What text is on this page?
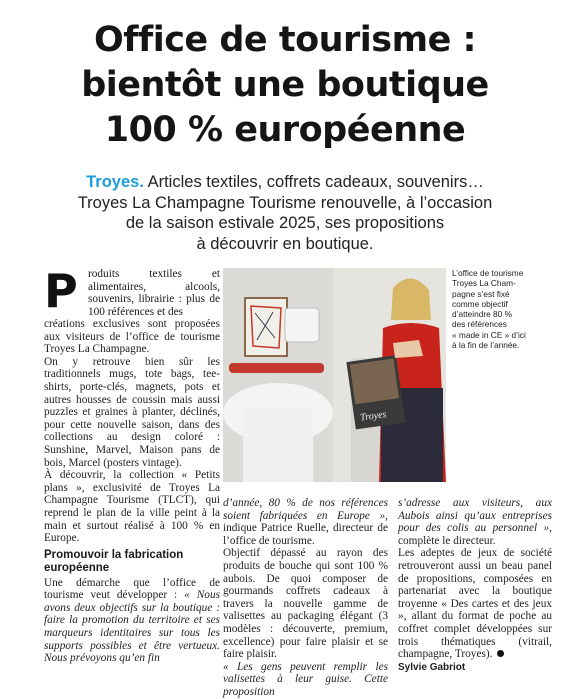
Office de tourisme :
bientôt une boutique
100 % européenne
Troyes. Articles textiles, coffrets cadeaux, souvenirs…
Troyes La Champagne Tourisme renouvelle, à l’occasion
de la saison estivale 2025, ses propositions
à découvrir en boutique.
P roduits textiles et alimentaires, alcools, souvenirs, librairie : plus de 100 références et des

créations exclusives sont proposées aux visiteurs de l’office de tourisme Troyes La Champagne.

On y retrouve bien sûr les traditionnels mugs, tote bags, tee-shirts, porte-clés, magnets, pots et autres housses de coussin mais aussi puzzles et graines à planter, déclinés, pour cette nouvelle saison, dans des collections au design coloré : Sunshine, Marvel, Maison pans de bois, Marcel (posters vintage).

À découvrir, la collection « Petits plans », exclusivité de Troyes La Champagne Tourisme (TLCT), qui reprend le plan de la ville peint à la main et surtout réalisé à 100 % en Europe.

Promouvoir la fabrication européenne

Une démarche que l’office de tourisme veut développer : « Nous avons deux objectifs sur la boutique : faire la promotion du territoire et ses marqueurs identitaires sur tous les supports possibles et être vertueux. Nous prévoyons qu’en fin

d’année, 80 % de nos références soient fabriquées en Europe », indique Patrice Ruelle, directeur de l’office de tourisme.

Objectif dépassé au rayon des produits de bouche qui sont 100 % aubois. De quoi composer de gourmands coffrets cadeaux à travers la nouvelle gamme de valisettes au packaging élégant (3 modèles : découverte, premium, excellence) pour faire plaisir et se faire plaisir.

« Les gens peuvent remplir les valisettes à leur guise. Cette proposition

s’adresse aux visiteurs, aux Aubois ainsi qu’aux entreprises pour des colis au personnel », complète le directeur.

Les adeptes de jeux de société retrouveront aussi un beau panel de propositions, composées en partenariat avec la boutique troyenne « Des cartes et des jeux », allant du format de poche au coffret complet développées sur trois thématiques (vitrail, champagne, Troyes).

Sylvie Gabriot

Troyes
L’office de tourisme
Troyes La Cham-
pagne s’est fixé
comme objectif
d’atteindre 80 %
des références
« made in CE » d’ici
à la fin de l’année.
